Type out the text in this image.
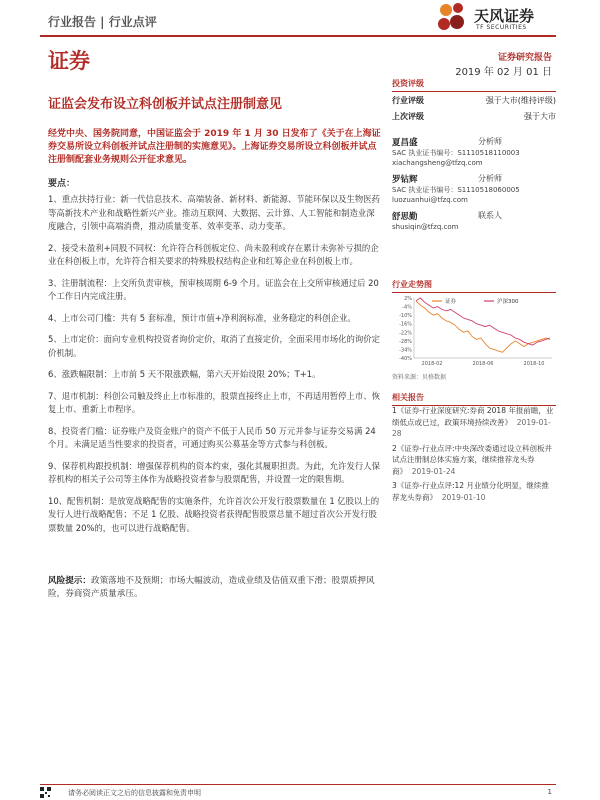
行业报告 | 行业点评	天风证券
TF SECURITIES
证券	证券研究报告
2019 年 02 月 01 日
证监会发布设立科创板并试点注册制意见
经党中央、国务院同意，中国证监会于 2019 年 1 月 30 日发布了《关于在上海证券交易所设立科创板并试点注册制的实施意见》。上海证券交易所设立科创板并试点注册制配套业务规则公开征求意见。
要点：

1、重点扶持行业：新一代信息技术、高端装备、新材料、新能源、节能环保以及生物医药等高新技术产业和战略性新兴产业。推动互联网、大数据、云计算、人工智能和制造业深度融合，引领中高端消费，推动质量变革、效率变革、动力变革。

2、接受未盈利+同股不同权：允许符合科创板定位、尚未盈利或存在累计未弥补亏损的企业在科创板上市，允许符合相关要求的特殊股权结构企业和红筹企业在科创板上市。

3、注册制流程：上交所负责审核，预审核周期 6-9 个月。证监会在上交所审核通过后 20 个工作日内完成注册。

4、上市公司门槛：共有 5 套标准，预计市值+净利润标准，业务稳定的科创企业。

5、上市定价：面向专业机构投资者询价定价，取消了直接定价，全面采用市场化的询价定价机制。

6、涨跌幅限制：上市前 5 天不限涨跌幅，第六天开始设限 20%；T+1。

7、退市机制：科创公司触及终止上市标准的，股票直接终止上市，不再适用暂停上市、恢复上市、重新上市程序。

8、投资者门槛：证券账户及资金账户的资产不低于人民币 50 万元并参与证券交易满 24 个月。未满足适当性要求的投资者，可通过购买公募基金等方式参与科创板。

9、保荐机构跟投机制：增强保荐机构的资本约束，强化其履职担责。为此，允许发行人保荐机构的相关子公司等主体作为战略投资者参与股票配售，并设置一定的限售期。

10、配售机制：是放宽战略配售的实施条件，允许首次公开发行股票数量在 1 亿股以上的发行人进行战略配售；不足 1 亿股、战略投资者获得配售股票总量不超过首次公开发行股票数量 20%的，也可以进行战略配售。

风险提示：政策落地不及预期；市场大幅波动，造成业绩及估值双重下滑；股票质押风险，券商资产质量承压。
投资评级
行业评级	强于大市(维持评级)
上次评级	强于大市
夏昌盛	分析师
SAC 执业证书编号：S1110518110003
xiachangsheng@tfzq.com
罗钻辉	分析师
SAC 执业证书编号：S1110518060005
luozuanhui@tfzq.com
舒思勤	联系人
shusiqin@tfzq.com
行业走势图
2%
-4%
-10%
-16%
-22%
-28%
-34%
-40%
2018-02	2018-06	2018-10
证券	沪深300
资料来源：贝格数据
相关报告

1《证券-行业深度研究:券商 2018 年报前瞻，业绩低点或已过，政策环境持续改善》 2019-01-28

2《证券-行业点评:中央深改委通过设立科创板并试点注册制总体实施方案，继续推荐龙头券商》 2019-01-24

3《证券-行业点评:12 月业绩分化明显，继续推荐龙头券商》 2019-01-10

请务必阅读正文之后的信息披露和免责申明	1
